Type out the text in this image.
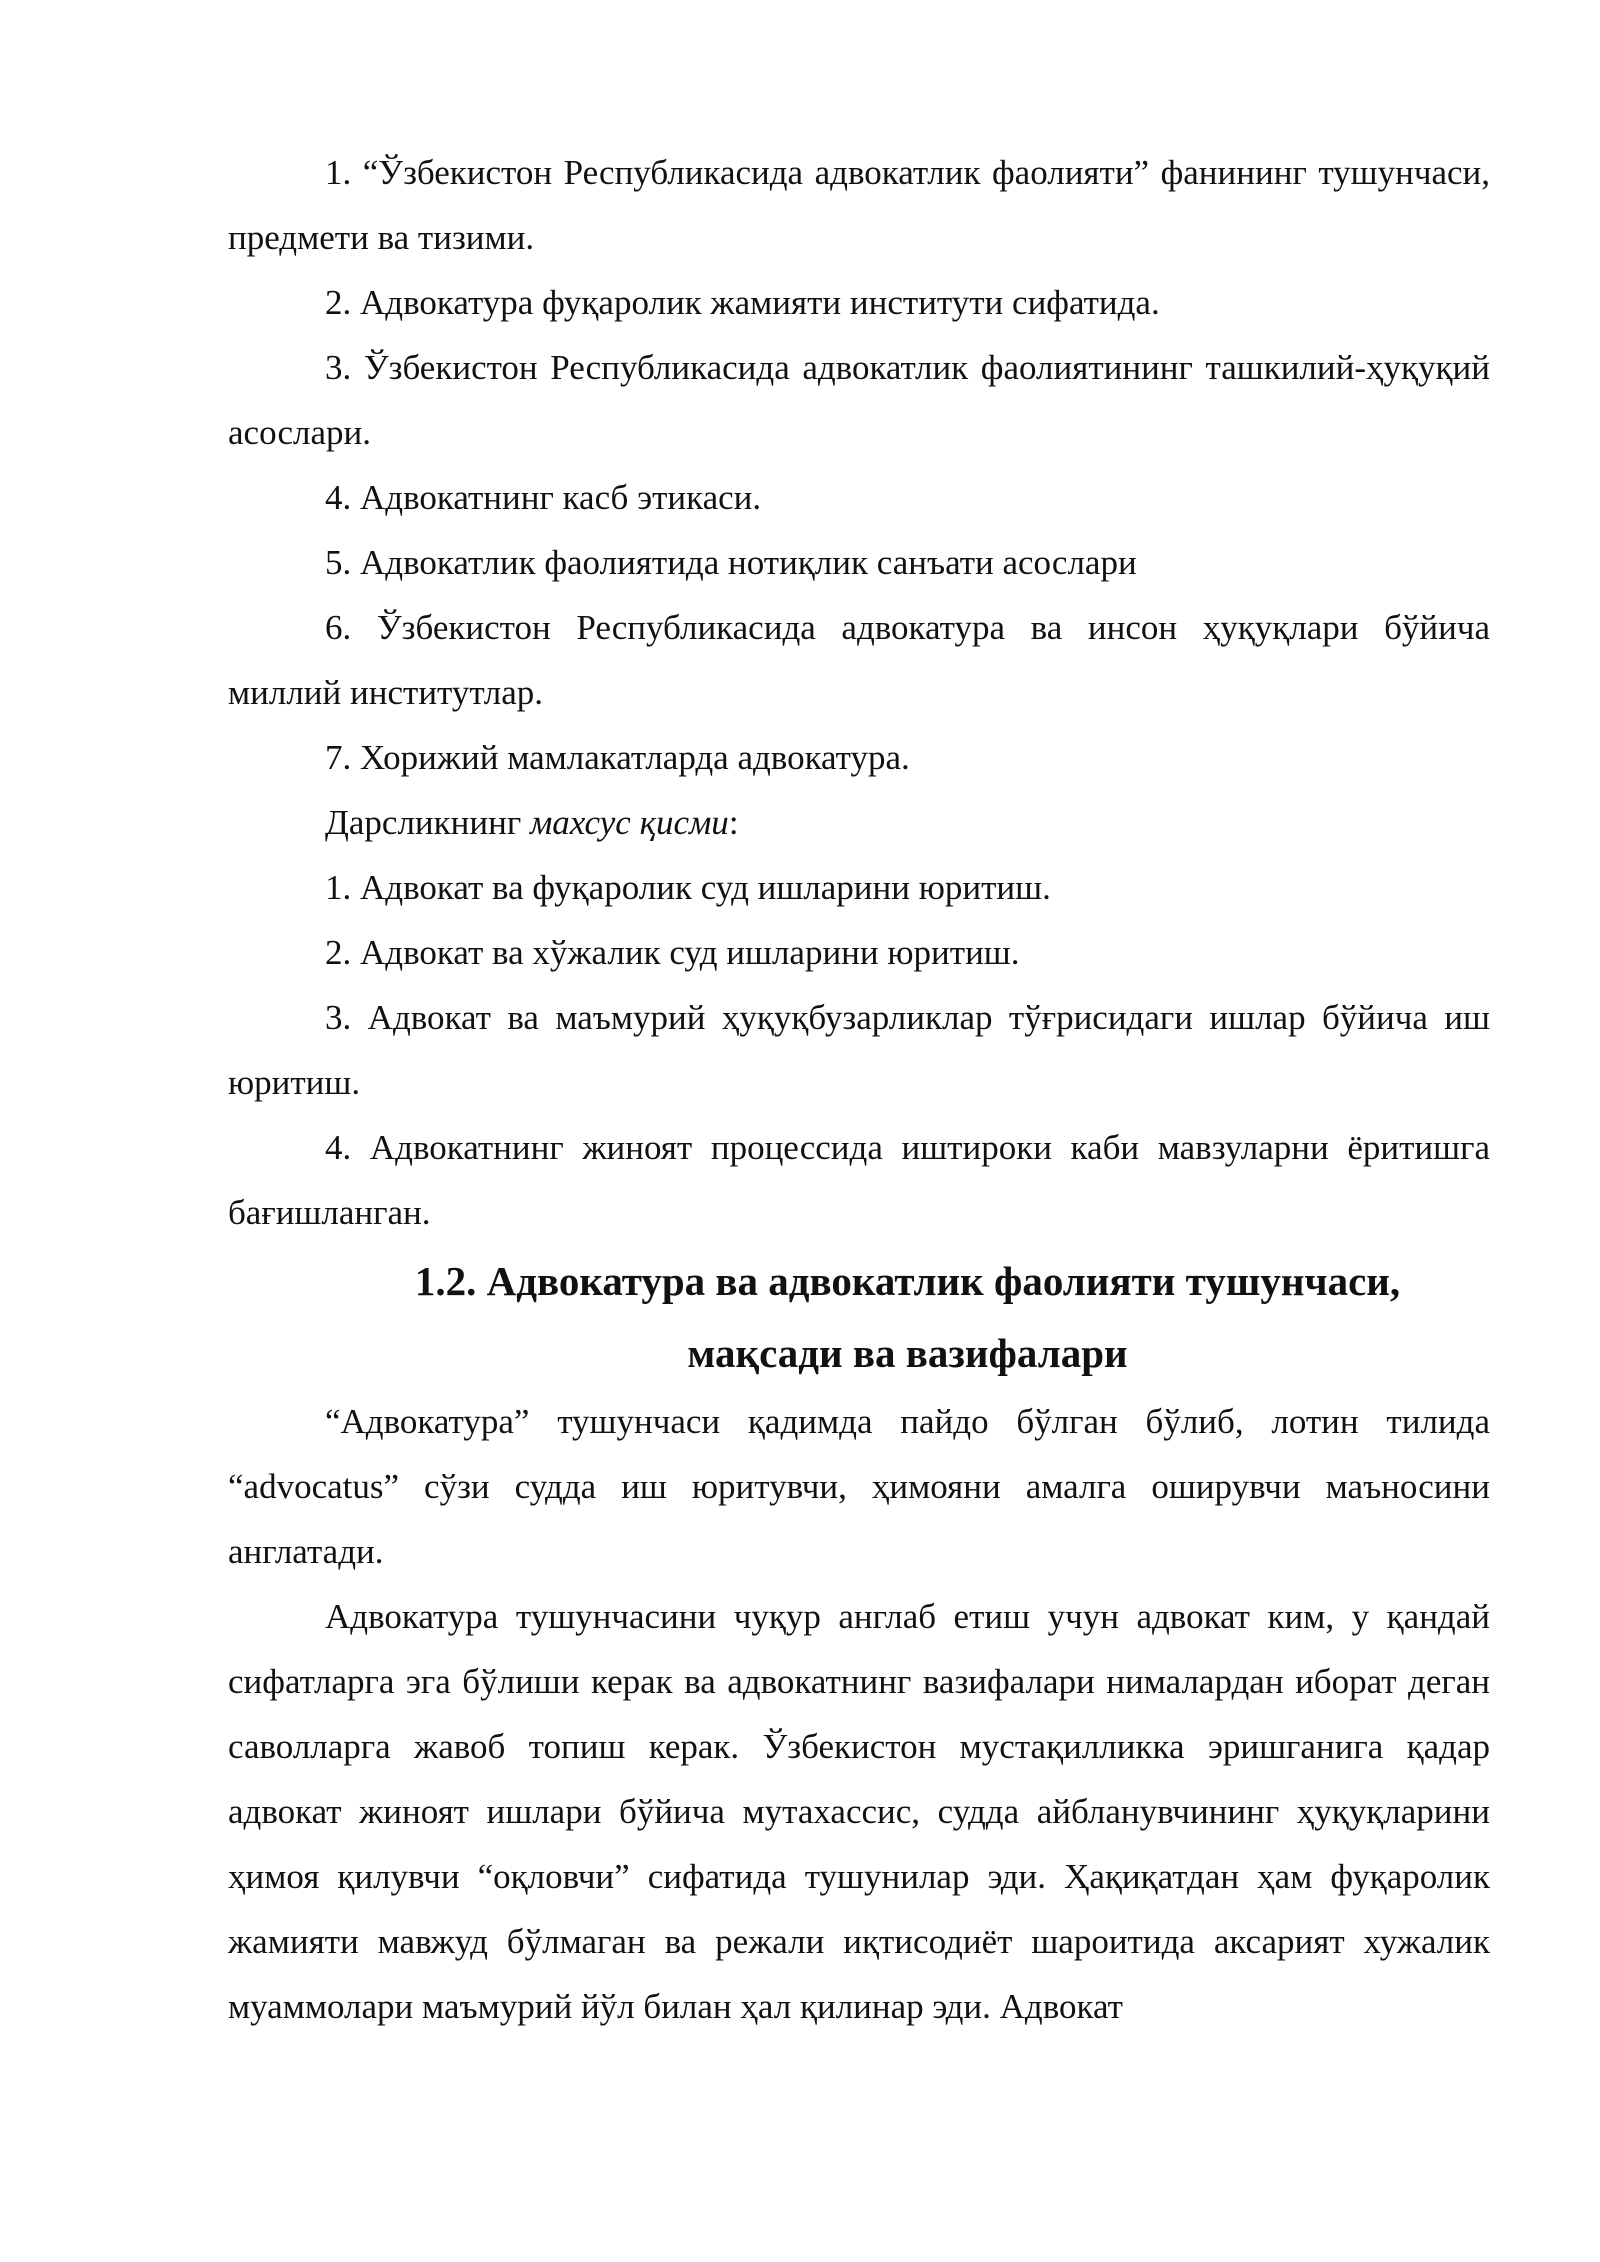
1. “Ўзбекистон Республикасида адвокатлик фаолияти” фанининг тушунчаси, предмети ва тизими.

2. Адвокатура фуқаролик жамияти институти сифатида.

3. Ўзбекистон Республикасида адвокатлик фаолиятининг ташкилий-ҳуқуқий асослари.

4. Адвокатнинг касб этикаси.

5. Адвокатлик фаолиятида нотиқлик санъати асослари

6. Ўзбекистон Республикасида адвокатура ва инсон ҳуқуқлари бўйича миллий институтлар.

7. Хорижий мамлакатларда адвокатура.

Дарсликнинг махсус қисми:

1. Адвокат ва фуқаролик суд ишларини юритиш.

2. Адвокат ва хўжалик суд ишларини юритиш.

3. Адвокат ва маъмурий ҳуқуқбузарликлар тўғрисидаги ишлар бўйича иш юритиш.

4. Адвокатнинг жиноят процессида иштироки каби мавзуларни ёритишга бағишланган.

1.2. Адвокатура ва адвокатлик фаолияти тушунчаси,
мақсади ва вазифалари

“Адвокатура” тушунчаси қадимда пайдо бўлган бўлиб, лотин тилида “advocatus” сўзи судда иш юритувчи, ҳимояни амалга оширувчи маъносини англатади.

Адвокатура тушунчасини чуқур англаб етиш учун адвокат ким, у қандай сифатларга эга бўлиши керак ва адвокатнинг вазифалари нималардан иборат деган саволларга жавоб топиш керак. Ўзбекистон мустақилликка эришганига қадар адвокат жиноят ишлари бўйича мутахассис, судда айбланувчининг ҳуқуқларини ҳимоя қилувчи “оқловчи” сифатида тушунилар эди. Ҳақиқатдан ҳам фуқаролик жамияти мавжуд бўлмаган ва режали иқтисодиёт шароитида аксарият хужалик муаммолари маъмурий йўл билан ҳал қилинар эди. Адвокат
